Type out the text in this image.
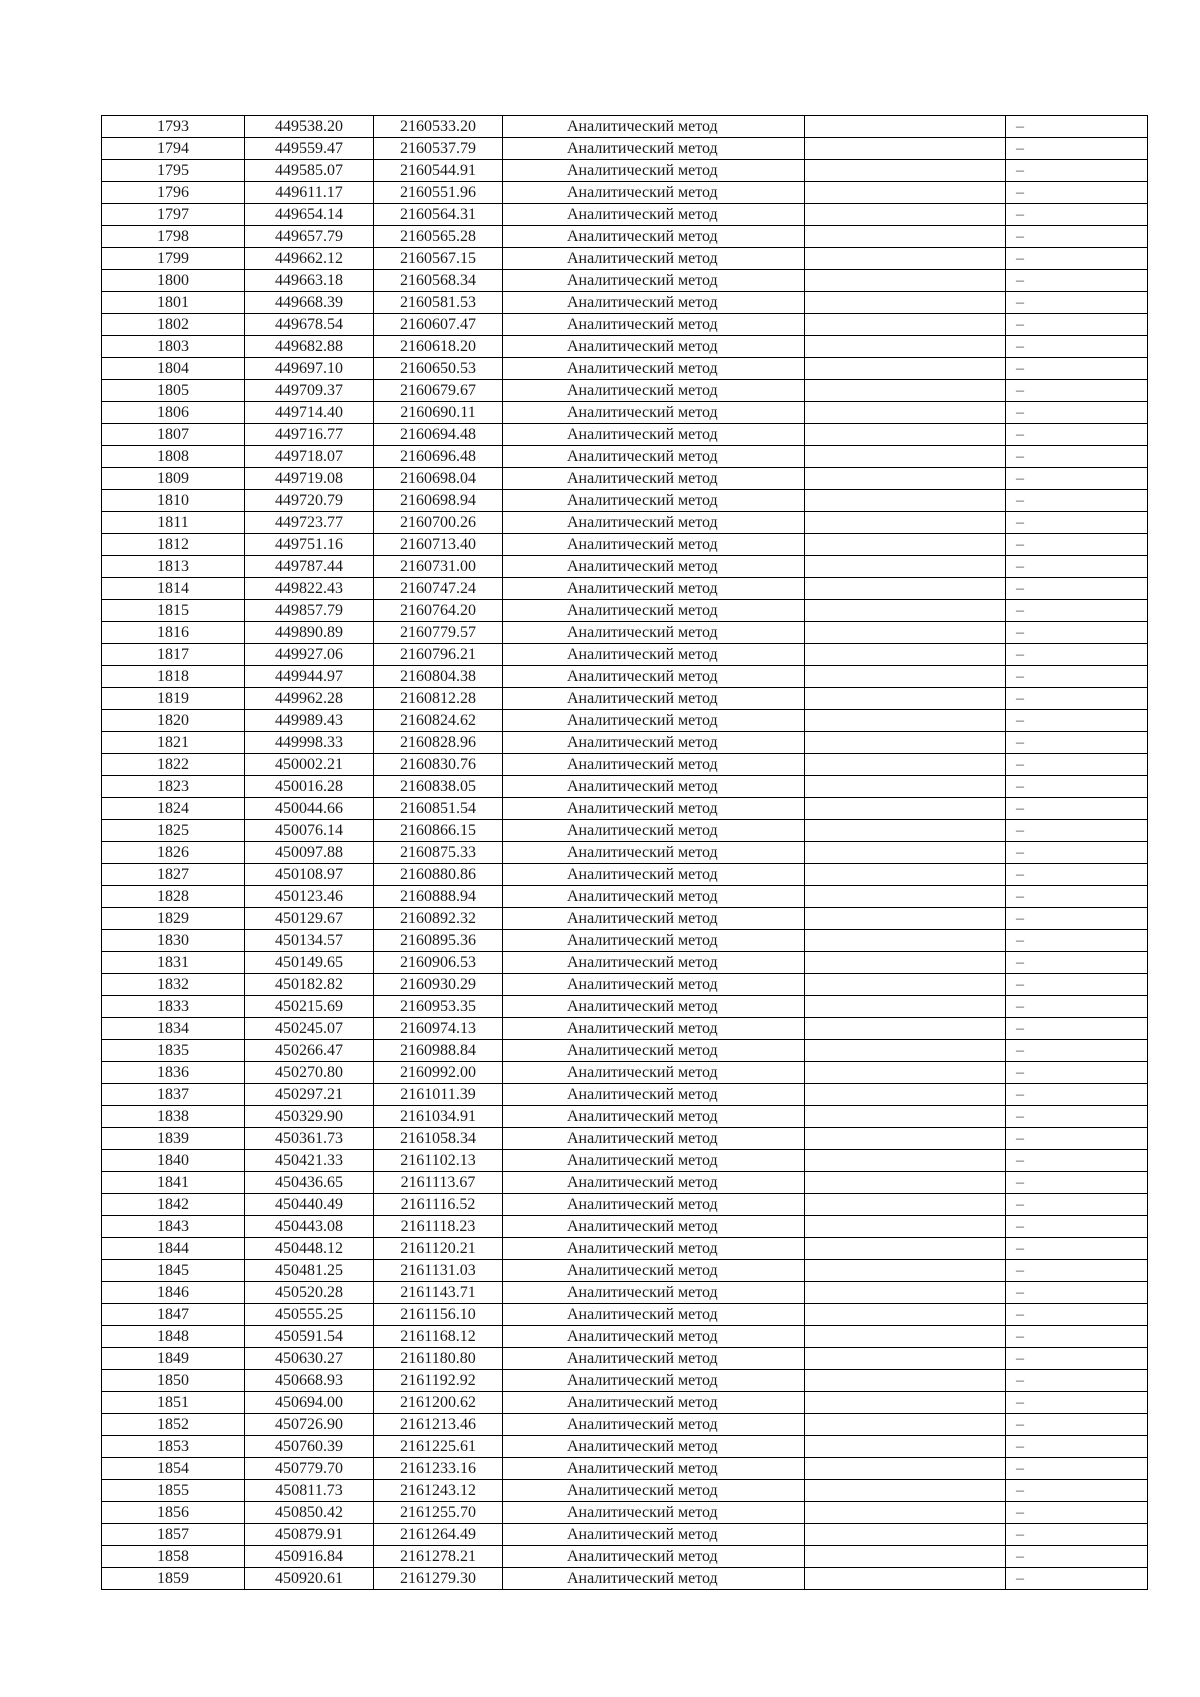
1793	449538.20	2160533.20	Аналитический метод		–
1794	449559.47	2160537.79	Аналитический метод		–
1795	449585.07	2160544.91	Аналитический метод		–
1796	449611.17	2160551.96	Аналитический метод		–
1797	449654.14	2160564.31	Аналитический метод		–
1798	449657.79	2160565.28	Аналитический метод		–
1799	449662.12	2160567.15	Аналитический метод		–
1800	449663.18	2160568.34	Аналитический метод		–
1801	449668.39	2160581.53	Аналитический метод		–
1802	449678.54	2160607.47	Аналитический метод		–
1803	449682.88	2160618.20	Аналитический метод		–
1804	449697.10	2160650.53	Аналитический метод		–
1805	449709.37	2160679.67	Аналитический метод		–
1806	449714.40	2160690.11	Аналитический метод		–
1807	449716.77	2160694.48	Аналитический метод		–
1808	449718.07	2160696.48	Аналитический метод		–
1809	449719.08	2160698.04	Аналитический метод		–
1810	449720.79	2160698.94	Аналитический метод		–
1811	449723.77	2160700.26	Аналитический метод		–
1812	449751.16	2160713.40	Аналитический метод		–
1813	449787.44	2160731.00	Аналитический метод		–
1814	449822.43	2160747.24	Аналитический метод		–
1815	449857.79	2160764.20	Аналитический метод		–
1816	449890.89	2160779.57	Аналитический метод		–
1817	449927.06	2160796.21	Аналитический метод		–
1818	449944.97	2160804.38	Аналитический метод		–
1819	449962.28	2160812.28	Аналитический метод		–
1820	449989.43	2160824.62	Аналитический метод		–
1821	449998.33	2160828.96	Аналитический метод		–
1822	450002.21	2160830.76	Аналитический метод		–
1823	450016.28	2160838.05	Аналитический метод		–
1824	450044.66	2160851.54	Аналитический метод		–
1825	450076.14	2160866.15	Аналитический метод		–
1826	450097.88	2160875.33	Аналитический метод		–
1827	450108.97	2160880.86	Аналитический метод		–
1828	450123.46	2160888.94	Аналитический метод		–
1829	450129.67	2160892.32	Аналитический метод		–
1830	450134.57	2160895.36	Аналитический метод		–
1831	450149.65	2160906.53	Аналитический метод		–
1832	450182.82	2160930.29	Аналитический метод		–
1833	450215.69	2160953.35	Аналитический метод		–
1834	450245.07	2160974.13	Аналитический метод		–
1835	450266.47	2160988.84	Аналитический метод		–
1836	450270.80	2160992.00	Аналитический метод		–
1837	450297.21	2161011.39	Аналитический метод		–
1838	450329.90	2161034.91	Аналитический метод		–
1839	450361.73	2161058.34	Аналитический метод		–
1840	450421.33	2161102.13	Аналитический метод		–
1841	450436.65	2161113.67	Аналитический метод		–
1842	450440.49	2161116.52	Аналитический метод		–
1843	450443.08	2161118.23	Аналитический метод		–
1844	450448.12	2161120.21	Аналитический метод		–
1845	450481.25	2161131.03	Аналитический метод		–
1846	450520.28	2161143.71	Аналитический метод		–
1847	450555.25	2161156.10	Аналитический метод		–
1848	450591.54	2161168.12	Аналитический метод		–
1849	450630.27	2161180.80	Аналитический метод		–
1850	450668.93	2161192.92	Аналитический метод		–
1851	450694.00	2161200.62	Аналитический метод		–
1852	450726.90	2161213.46	Аналитический метод		–
1853	450760.39	2161225.61	Аналитический метод		–
1854	450779.70	2161233.16	Аналитический метод		–
1855	450811.73	2161243.12	Аналитический метод		–
1856	450850.42	2161255.70	Аналитический метод		–
1857	450879.91	2161264.49	Аналитический метод		–
1858	450916.84	2161278.21	Аналитический метод		–
1859	450920.61	2161279.30	Аналитический метод		–
